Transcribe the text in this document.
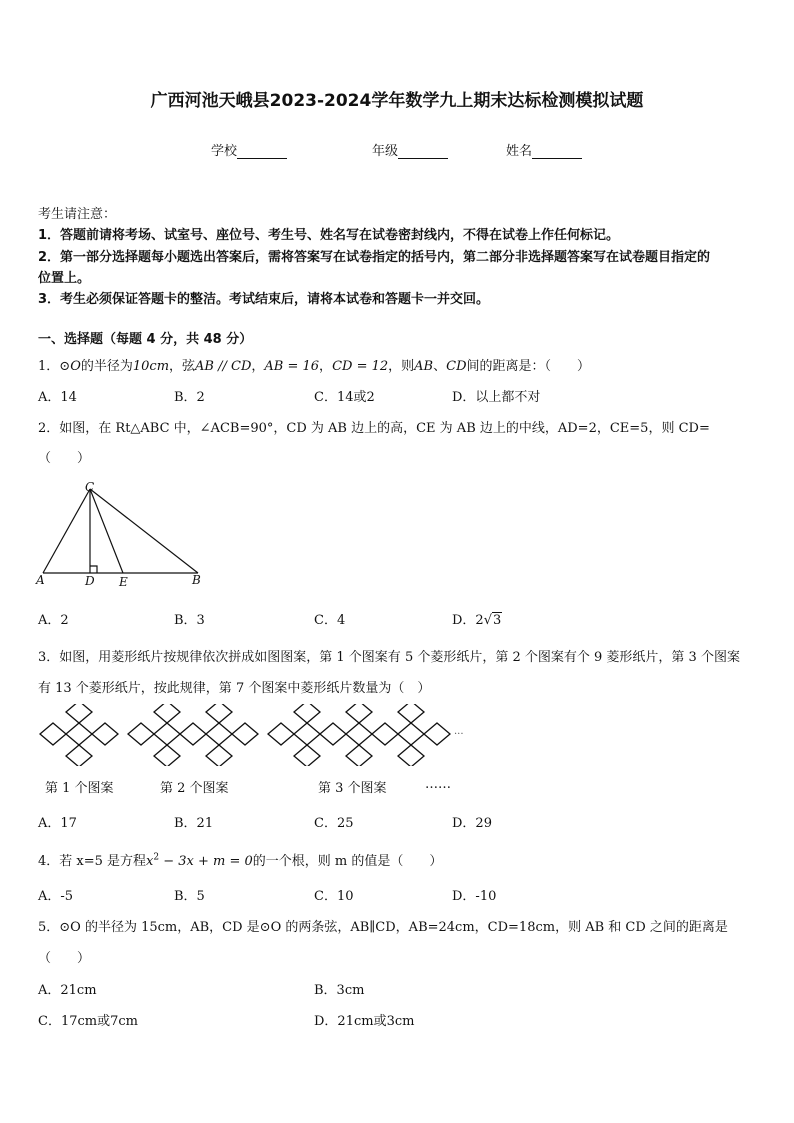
广西河池天峨县2023-2024学年数学九上期末达标检测模拟试题
学校	年级	姓名
考生请注意：
1．答题前请将考场、试室号、座位号、考生号、姓名写在试卷密封线内，不得在试卷上作任何标记。
2．第一部分选择题每小题选出答案后，需将答案写在试卷指定的括号内，第二部分非选择题答案写在试卷题目指定的
位置上。
3．考生必须保证答题卡的整洁。考试结束后，请将本试卷和答题卡一并交回。
一、选择题（每题 4 分，共 48 分）
1．⊙O的半径为10cm，弦AB // CD，AB = 16，CD = 12，则AB、CD间的距离是：（　　）
A．14	B．2	C．14或2	D．以上都不对
2．如图，在 Rt△ABC 中，∠ACB=90°，CD 为 AB 边上的高，CE 为 AB 边上的中线，AD=2，CE=5，则 CD=
（　　）
C
A	D E	B
A．2	B．3	C．4	D．2√3
3．如图，用菱形纸片按规律依次拼成如图图案，第 1 个图案有 5 个菱形纸片，第 2 个图案有个 9 菱形纸片，第 3 个图案
有 13 个菱形纸片，按此规律，第 7 个图案中菱形纸片数量为（　）
...
第 1 个图案	第 2 个图案	第 3 个图案	……
A．17	B．21	C．25	D．29
4．若 x=5 是方程$x^2 - 3x + m = 0$的一个根，则 m 的值是（　　）
A．-5	B．5	C．10	D．-10
5．⊙O 的半径为 15cm，AB，CD 是⊙O 的两条弦，AB∥CD，AB=24cm，CD=18cm，则 AB 和 CD 之间的距离是
（　　）
A．21cm	B．3cm
C．17cm或7cm	D．21cm或3cm
